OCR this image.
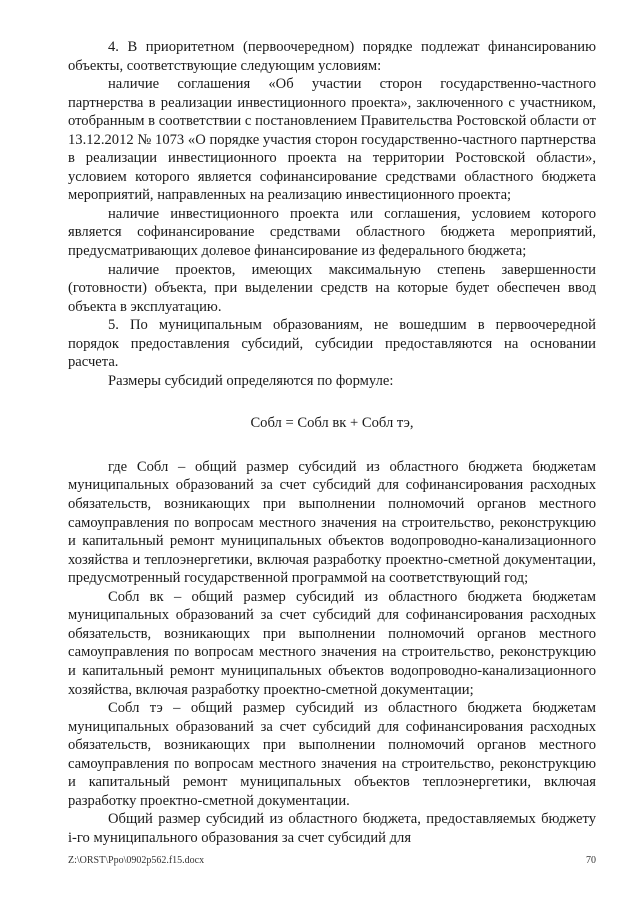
4. В приоритетном (первоочередном) порядке подлежат финансированию объекты, соответствующие следующим условиям:

наличие соглашения «Об участии сторон государственно-частного партнерства в реализации инвестиционного проекта», заключенного с участником, отобранным в соответствии с постановлением Правительства Ростовской области от 13.12.2012 № 1073 «О порядке участия сторон государственно-частного партнерства в реализации инвестиционного проекта на территории Ростовской области», условием которого является софинансирование средствами областного бюджета мероприятий, направленных на реализацию инвестиционного проекта;

наличие инвестиционного проекта или соглашения, условием которого является софинансирование средствами областного бюджета мероприятий, предусматривающих долевое финансирование из федерального бюджета;

наличие проектов, имеющих максимальную степень завершенности (готовности) объекта, при выделении средств на которые будет обеспечен ввод объекта в эксплуатацию.

5. По муниципальным образованиям, не вошедшим в первоочередной порядок предоставления субсидий, субсидии предоставляются на основании расчета.

Размеры субсидий определяются по формуле:

Собл = Собл вк + Собл тэ,

где Собл – общий размер субсидий из областного бюджета бюджетам муниципальных образований за счет субсидий для софинансирования расходных обязательств, возникающих при выполнении полномочий органов местного самоуправления по вопросам местного значения на строительство, реконструкцию и капитальный ремонт муниципальных объектов водопроводно-канализационного хозяйства и теплоэнергетики, включая разработку проектно-сметной документации, предусмотренный государственной программой на соответствующий год;

Собл вк – общий размер субсидий из областного бюджета бюджетам муниципальных образований за счет субсидий для софинансирования расходных обязательств, возникающих при выполнении полномочий органов местного самоуправления по вопросам местного значения на строительство, реконструкцию и капитальный ремонт муниципальных объектов водопроводно-канализационного хозяйства, включая разработку проектно-сметной документации;

Собл тэ – общий размер субсидий из областного бюджета бюджетам муниципальных образований за счет субсидий для софинансирования расходных обязательств, возникающих при выполнении полномочий органов местного самоуправления по вопросам местного значения на строительство, реконструкцию и капитальный ремонт муниципальных объектов теплоэнергетики, включая разработку проектно-сметной документации.

Общий размер субсидий из областного бюджета, предоставляемых бюджету i-го муниципального образования за счет субсидий для

Z:\ORST\Ppo\0902p562.f15.docx	70
